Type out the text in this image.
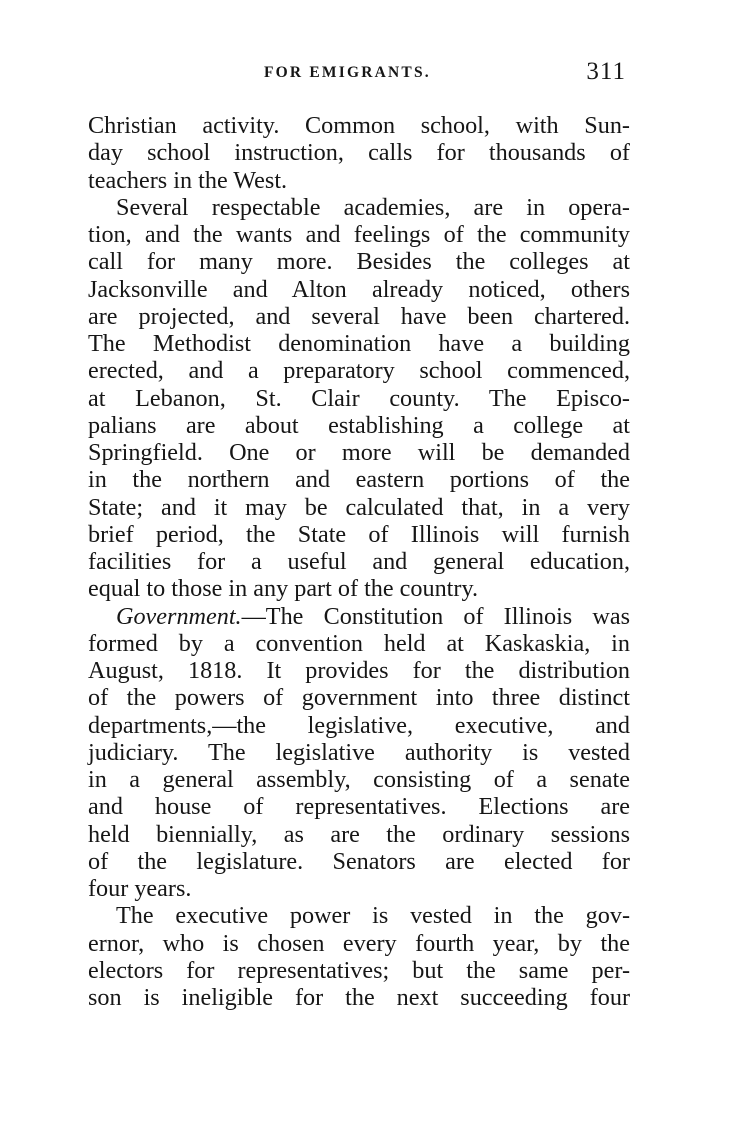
FOR EMIGRANTS.	311
Christian activity. Common school, with Sun-
day school instruction, calls for thousands of
teachers in the West.
Several respectable academies, are in opera-
tion, and the wants and feelings of the community
call for many more. Besides the colleges at
Jacksonville and Alton already noticed, others
are projected, and several have been chartered.
The Methodist denomination have a building
erected, and a preparatory school commenced,
at Lebanon, St. Clair county. The Episco-
palians are about establishing a college at
Springfield. One or more will be demanded
in the northern and eastern portions of the
State; and it may be calculated that, in a very
brief period, the State of Illinois will furnish
facilities for a useful and general education,
equal to those in any part of the country.
Government.—The Constitution of Illinois was
formed by a convention held at Kaskaskia, in
August, 1818. It provides for the distribution
of the powers of government into three distinct
departments,—the legislative, executive, and
judiciary. The legislative authority is vested
in a general assembly, consisting of a senate
and house of representatives. Elections are
held biennially, as are the ordinary sessions
of the legislature. Senators are elected for
four years.
The executive power is vested in the gov-
ernor, who is chosen every fourth year, by the
electors for representatives; but the same per-
son is ineligible for the next succeeding four
